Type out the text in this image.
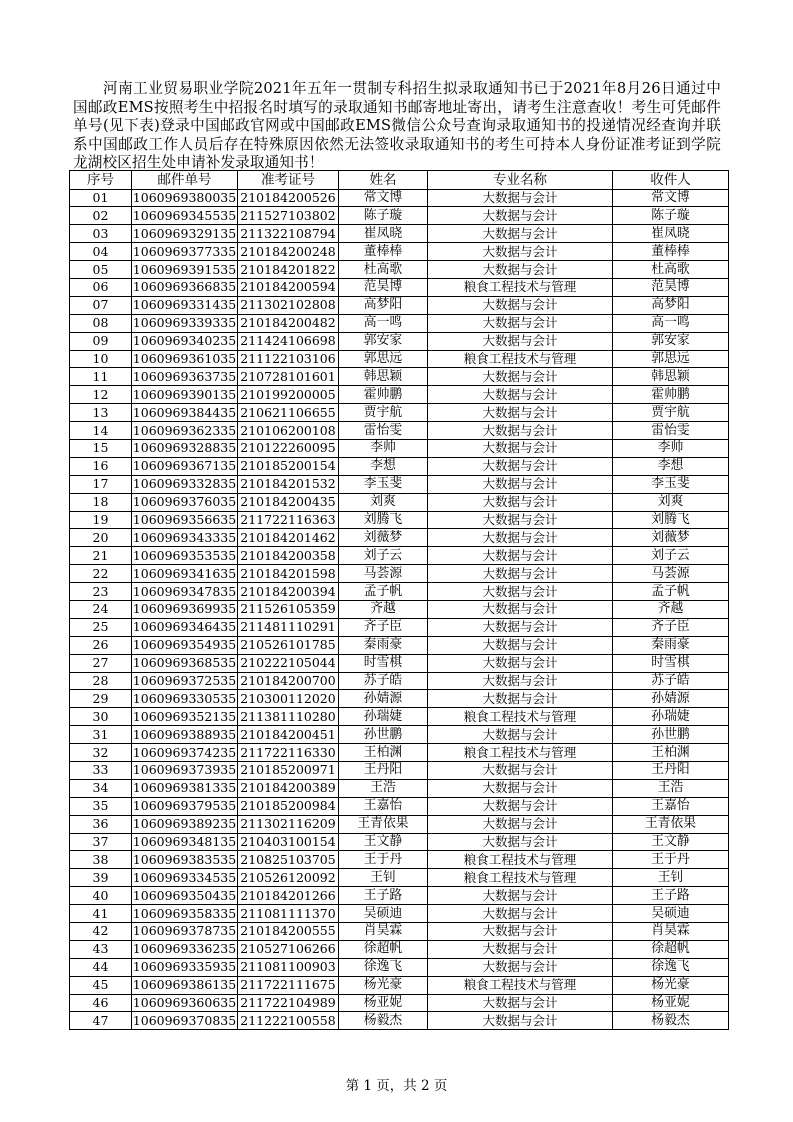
河南工业贸易职业学院2021年五年一贯制专科招生拟录取通知书已于2021年8月26日通过中国邮政EMS按照考生中招报名时填写的录取通知书邮寄地址寄出，请考生注意查收！考生可凭邮件单号(见下表)登录中国邮政官网或中国邮政EMS微信公众号查询录取通知书的投递情况经查询并联系中国邮政工作人员后存在特殊原因依然无法签收录取通知书的考生可持本人身份证准考证到学院龙湖校区招生处申请补发录取通知书！

序号	邮件单号	准考证号	姓名	专业名称	收件人
01	1060969380035	210184200526	常文博	大数据与会计	常文博
02	1060969345535	211527103802	陈子璇	大数据与会计	陈子璇
03	1060969329135	211322108794	崔凤晓	大数据与会计	崔凤晓
04	1060969377335	210184200248	董棒棒	大数据与会计	董棒棒
05	1060969391535	210184201822	杜高歌	大数据与会计	杜高歌
06	1060969366835	210184200594	范昊博	粮食工程技术与管理	范昊博
07	1060969331435	211302102808	高梦阳	大数据与会计	高梦阳
08	1060969339335	210184200482	高一鸣	大数据与会计	高一鸣
09	1060969340235	211424106698	郭安家	大数据与会计	郭安家
10	1060969361035	211122103106	郭思远	粮食工程技术与管理	郭思远
11	1060969363735	210728101601	韩思颖	大数据与会计	韩思颖
12	1060969390135	210199200005	霍帅鹏	大数据与会计	霍帅鹏
13	1060969384435	210621106655	贾宇航	大数据与会计	贾宇航
14	1060969362335	210106200108	雷怡雯	大数据与会计	雷怡雯
15	1060969328835	210122260095	李帅	大数据与会计	李帅
16	1060969367135	210185200154	李想	大数据与会计	李想
17	1060969332835	210184201532	李玉斐	大数据与会计	李玉斐
18	1060969376035	210184200435	刘爽	大数据与会计	刘爽
19	1060969356635	211722116363	刘腾飞	大数据与会计	刘腾飞
20	1060969343335	210184201462	刘薇梦	大数据与会计	刘薇梦
21	1060969353535	210184200358	刘子云	大数据与会计	刘子云
22	1060969341635	210184201598	马荟源	大数据与会计	马荟源
23	1060969347835	210184200394	孟子帆	大数据与会计	孟子帆
24	1060969369935	211526105359	齐越	大数据与会计	齐越
25	1060969346435	211481110291	齐子臣	大数据与会计	齐子臣
26	1060969354935	210526101785	秦雨豪	大数据与会计	秦雨豪
27	1060969368535	210222105044	时雪棋	大数据与会计	时雪棋
28	1060969372535	210184200700	苏子皓	大数据与会计	苏子皓
29	1060969330535	210300112020	孙婧源	大数据与会计	孙婧源
30	1060969352135	211381110280	孙瑞婕	粮食工程技术与管理	孙瑞婕
31	1060969388935	210184200451	孙世鹏	大数据与会计	孙世鹏
32	1060969374235	211722116330	王柏渊	粮食工程技术与管理	王柏渊
33	1060969373935	210185200971	王丹阳	大数据与会计	王丹阳
34	1060969381335	210184200389	王浩	大数据与会计	王浩
35	1060969379535	210185200984	王嘉怡	大数据与会计	王嘉怡
36	1060969389235	211302116209	王青依果	大数据与会计	王青依果
37	1060969348135	210403100154	王文静	大数据与会计	王文静
38	1060969383535	210825103705	王于丹	粮食工程技术与管理	王于丹
39	1060969334535	210526120092	王钊	粮食工程技术与管理	王钊
40	1060969350435	210184201266	王子路	大数据与会计	王子路
41	1060969358335	211081111370	吴硕迪	大数据与会计	吴硕迪
42	1060969378735	210184200555	肖昊霖	大数据与会计	肖昊霖
43	1060969336235	210527106266	徐超帆	大数据与会计	徐超帆
44	1060969335935	211081100903	徐逸飞	大数据与会计	徐逸飞
45	1060969386135	211722111675	杨光豪	粮食工程技术与管理	杨光豪
46	1060969360635	211722104989	杨亚妮	大数据与会计	杨亚妮
47	1060969370835	211222100558	杨毅杰	大数据与会计	杨毅杰
第 1 页，共 2 页
